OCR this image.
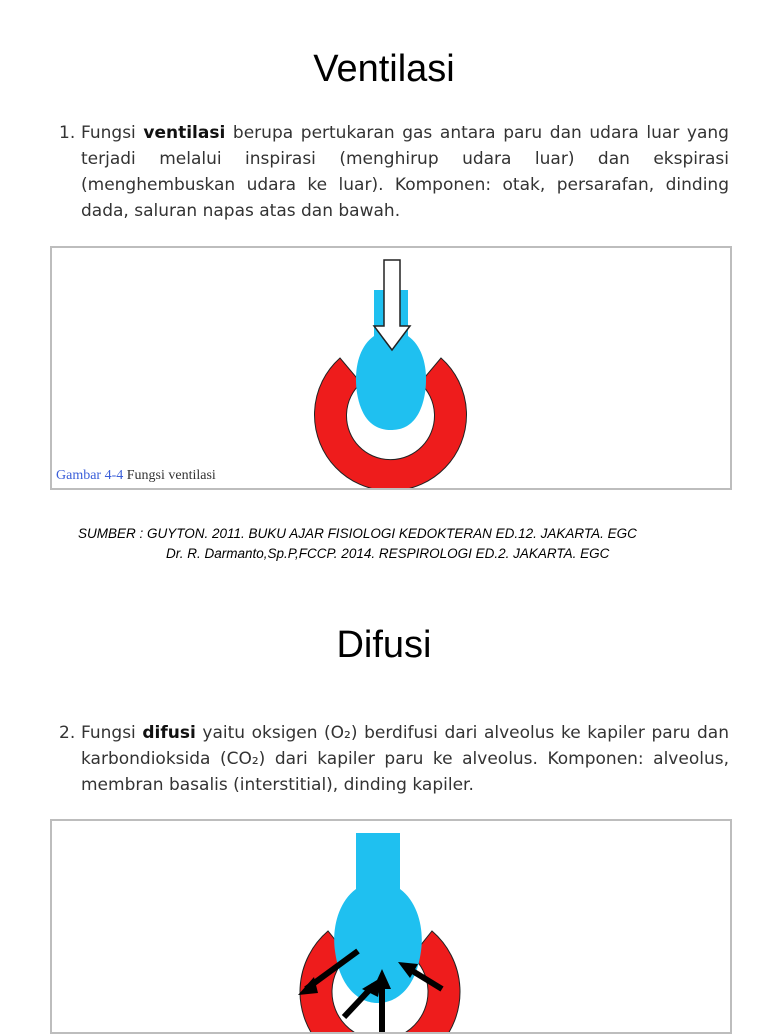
Ventilasi
1. Fungsi ventilasi berupa pertukaran gas antara paru dan udara luar yang
terjadi melalui inspirasi (menghirup udara luar) dan ekspirasi
(menghembuskan udara ke luar). Komponen: otak, persarafan, dinding
dada, saluran napas atas dan bawah.
Gambar 4-4 Fungsi ventilasi
SUMBER : GUYTON. 2011. BUKU AJAR FISIOLOGI KEDOKTERAN ED.12. JAKARTA. EGC
Dr. R. Darmanto,Sp.P,FCCP. 2014. RESPIROLOGI ED.2. JAKARTA. EGC
Difusi
2. Fungsi difusi yaitu oksigen (O₂) berdifusi dari alveolus ke kapiler paru dan
karbondioksida (CO₂) dari kapiler paru ke alveolus. Komponen: alveolus,
membran basalis (interstitial), dinding kapiler.
